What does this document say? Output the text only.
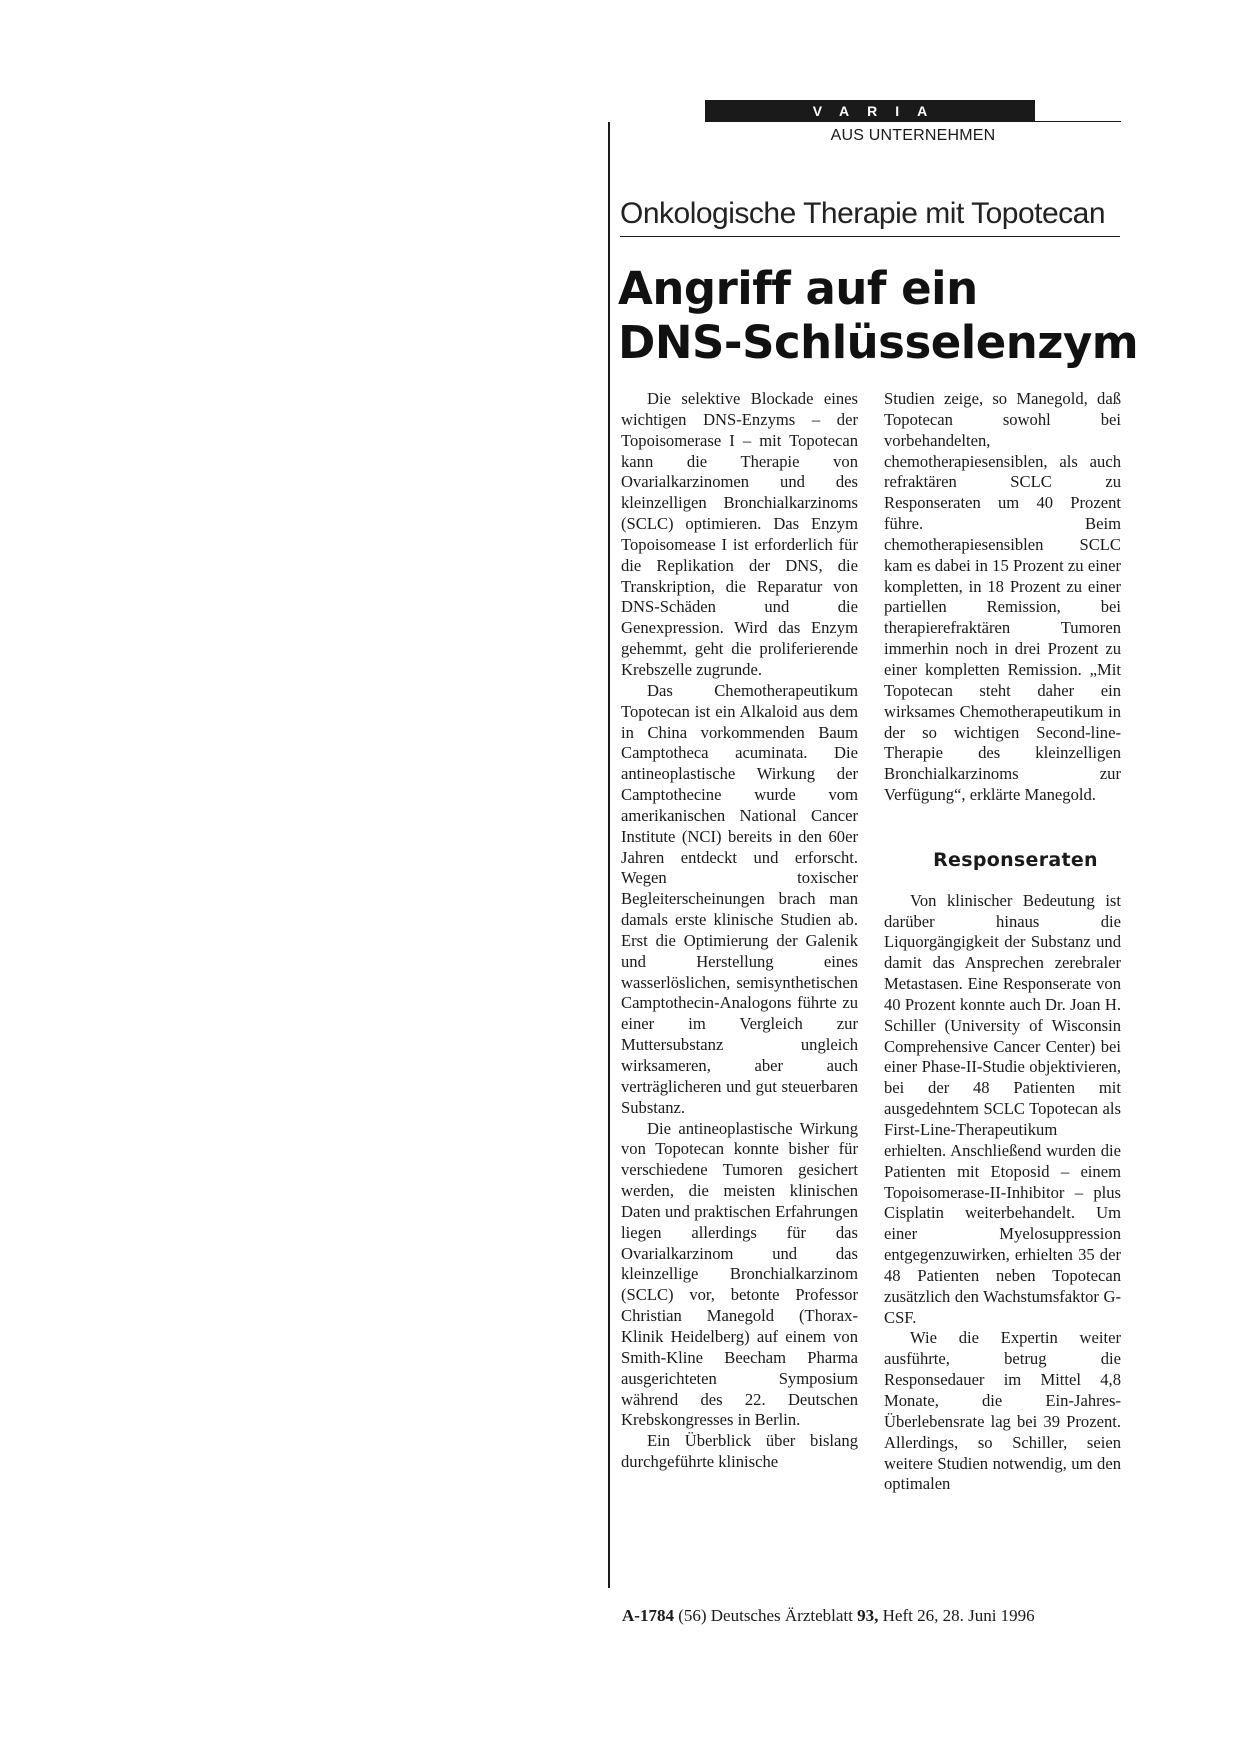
VARIA
AUS UNTERNEHMEN
Onkologische Therapie mit Topotecan
Angriff auf ein
DNS-Schlüsselenzym

Die selektive Blockade eines wichtigen DNS-Enzyms – der Topoisomerase I – mit Topotecan kann die Therapie von Ovarialkarzinomen und des kleinzelligen Bronchialkarzinoms (SCLC) optimieren. Das Enzym Topoisomease I ist erforderlich für die Replikation der DNS, die Transkription, die Reparatur von DNS-Schäden und die Genexpression. Wird das Enzym gehemmt, geht die proliferierende Krebszelle zugrunde.

Das Chemotherapeutikum Topotecan ist ein Alkaloid aus dem in China vorkommenden Baum Camptotheca acuminata. Die antineoplastische Wirkung der Camptothecine wurde vom amerikanischen National Cancer Institute (NCI) bereits in den 60er Jahren entdeckt und erforscht. Wegen toxischer Begleiterscheinungen brach man damals erste klinische Studien ab. Erst die Optimierung der Galenik und Herstellung eines wasserlöslichen, semisynthetischen Camptothecin-Analogons führte zu einer im Vergleich zur Muttersubstanz ungleich wirksameren, aber auch verträglicheren und gut steuerbaren Substanz.

Die antineoplastische Wirkung von Topotecan konnte bisher für verschiedene Tumoren gesichert werden, die meisten klinischen Daten und praktischen Erfahrungen liegen allerdings für das Ovarialkarzinom und das kleinzellige Bronchialkarzinom (SCLC) vor, betonte Professor Christian Manegold (Thorax-Klinik Heidelberg) auf einem von Smith-Kline Beecham Pharma ausgerichteten Symposium während des 22. Deutschen Krebskongresses in Berlin.

Ein Überblick über bislang durchgeführte klinische

Studien zeige, so Manegold, daß Topotecan sowohl bei vorbehandelten, chemotherapiesensiblen, als auch refraktären SCLC zu Responseraten um 40 Prozent führe. Beim chemotherapiesensiblen SCLC kam es dabei in 15 Prozent zu einer kompletten, in 18 Prozent zu einer partiellen Remission, bei therapierefraktären Tumoren immerhin noch in drei Prozent zu einer kompletten Remission. „Mit Topotecan steht daher ein wirksames Chemotherapeutikum in der so wichtigen Second-line-Therapie des kleinzelligen Bronchialkarzinoms zur Verfügung“, erklärte Manegold.

Responseraten

Von klinischer Bedeutung ist darüber hinaus die Liquorgängigkeit der Substanz und damit das Ansprechen zerebraler Metastasen. Eine Responserate von 40 Prozent konnte auch Dr. Joan H. Schiller (University of Wisconsin Comprehensive Cancer Center) bei einer Phase-II-Studie objektivieren, bei der 48 Patienten mit ausgedehntem SCLC Topotecan als First-Line-Therapeutikum erhielten. Anschließend wurden die Patienten mit Etoposid – einem Topoisomerase-II-Inhibitor – plus Cisplatin weiterbehandelt. Um einer Myelosuppression entgegenzuwirken, erhielten 35 der 48 Patienten neben Topotecan zusätzlich den Wachstumsfaktor G-CSF.

Wie die Expertin weiter ausführte, betrug die Responsedauer im Mittel 4,8 Monate, die Ein-Jahres-Überlebensrate lag bei 39 Prozent. Allerdings, so Schiller, seien weitere Studien notwendig, um den optimalen

A-1784 (56) Deutsches Ärzteblatt 93, Heft 26, 28. Juni 1996
